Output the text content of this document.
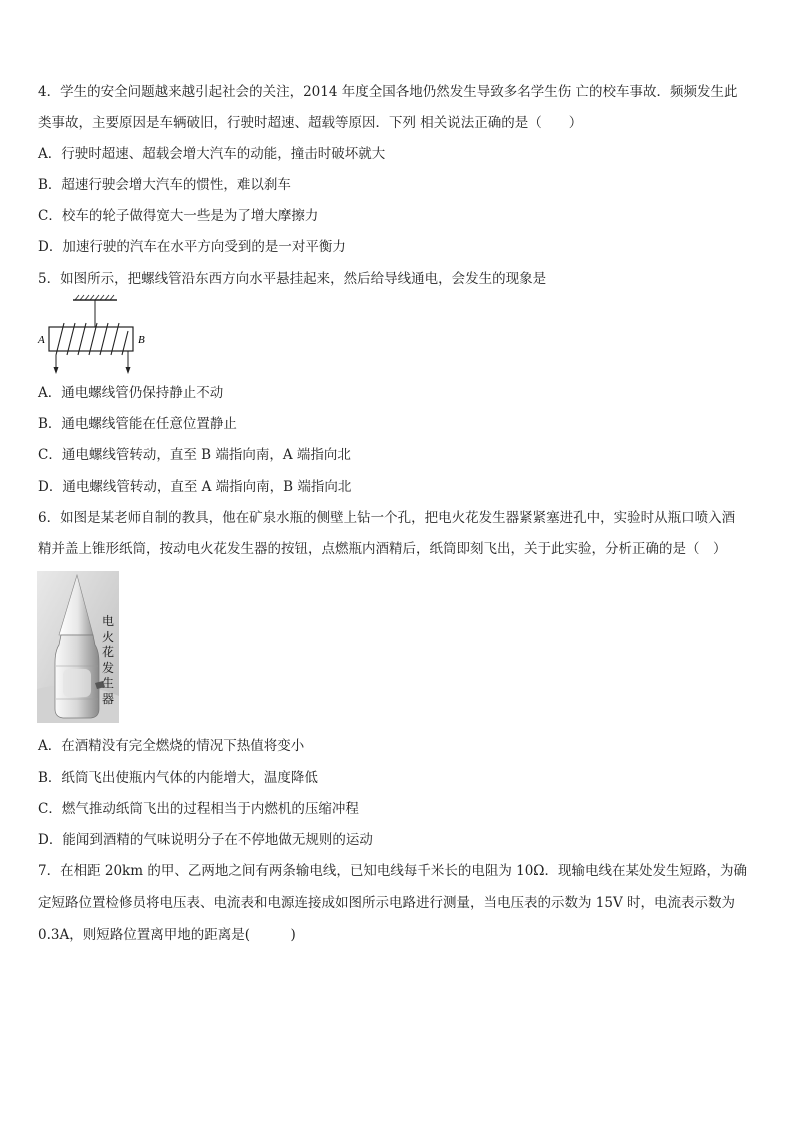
4．学生的安全问题越来越引起社会的关注，2014 年度全国各地仍然发生导致多名学生伤 亡的校车事故．频频发生此
类事故，主要原因是车辆破旧，行驶时超速、超载等原因．下列 相关说法正确的是（　　）
A．行驶时超速、超载会增大汽车的动能，撞击时破坏就大
B．超速行驶会增大汽车的惯性，难以刹车
C．校车的轮子做得宽大一些是为了增大摩擦力
D．加速行驶的汽车在水平方向受到的是一对平衡力
5．如图所示，把螺线管沿东西方向水平悬挂起来，然后给导线通电，会发生的现象是
A	B
A．通电螺线管仍保持静止不动
B．通电螺线管能在任意位置静止
C．通电螺线管转动，直至 B 端指向南，A 端指向北
D．通电螺线管转动，直至 A 端指向南，B 端指向北
6．如图是某老师自制的教具，他在矿泉水瓶的侧壁上钻一个孔，把电火花发生器紧紧塞进孔中，实验时从瓶口喷入酒
精并盖上锥形纸筒，按动电火花发生器的按钮，点燃瓶内酒精后，纸筒即刻飞出，关于此实验，分析正确的是（　）
电
火
花
发
生
器
A．在酒精没有完全燃烧的情况下热值将变小
B．纸筒飞出使瓶内气体的内能增大，温度降低
C．燃气推动纸筒飞出的过程相当于内燃机的压缩冲程
D．能闻到酒精的气味说明分子在不停地做无规则的运动
7．在相距 20km 的甲、乙两地之间有两条输电线，已知电线每千米长的电阻为 10Ω．现输电线在某处发生短路，为确
定短路位置检修员将电压表、电流表和电源连接成如图所示电路进行测量，当电压表的示数为 15V 时，电流表示数为
0.3A，则短路位置离甲地的距离是(　　　)
